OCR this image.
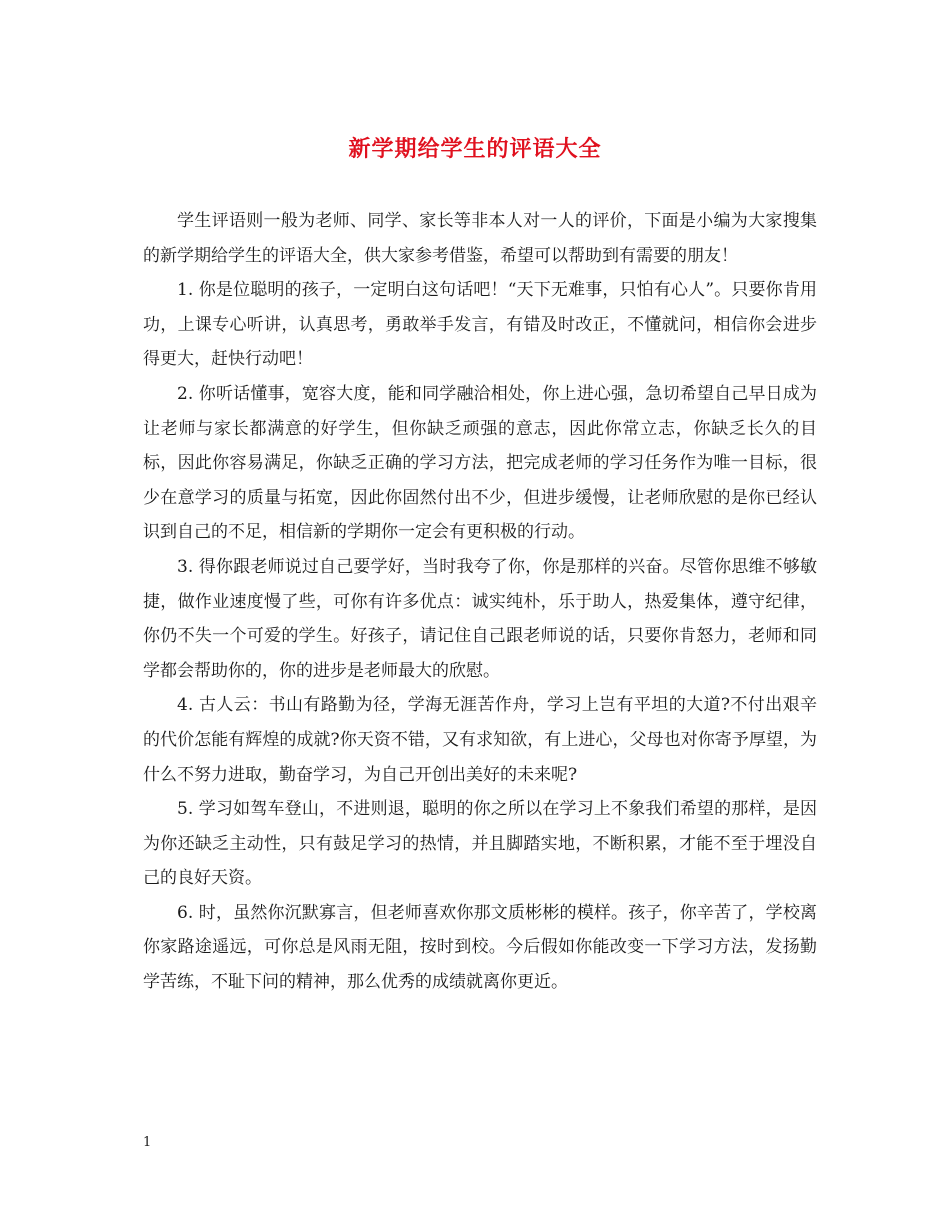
新学期给学生的评语大全

学生评语则一般为老师、同学、家长等非本人对一人的评价，下面是小编为大家搜集的新学期给学生的评语大全，供大家参考借鉴，希望可以帮助到有需要的朋友！

1. 你是位聪明的孩子，一定明白这句话吧！“天下无难事，只怕有心人”。只要你肯用功，上课专心听讲，认真思考，勇敢举手发言，有错及时改正，不懂就问，相信你会进步得更大，赶快行动吧！

2. 你听话懂事，宽容大度，能和同学融洽相处，你上进心强，急切希望自己早日成为让老师与家长都满意的好学生，但你缺乏顽强的意志，因此你常立志，你缺乏长久的目标，因此你容易满足，你缺乏正确的学习方法，把完成老师的学习任务作为唯一目标，很少在意学习的质量与拓宽，因此你固然付出不少，但进步缓慢，让老师欣慰的是你已经认识到自己的不足，相信新的学期你一定会有更积极的行动。

3. 得你跟老师说过自己要学好，当时我夸了你，你是那样的兴奋。尽管你思维不够敏捷，做作业速度慢了些，可你有许多优点：诚实纯朴，乐于助人，热爱集体，遵守纪律，你仍不失一个可爱的学生。好孩子，请记住自己跟老师说的话，只要你肯怒力，老师和同学都会帮助你的，你的进步是老师最大的欣慰。

4. 古人云：书山有路勤为径，学海无涯苦作舟，学习上岂有平坦的大道?不付出艰辛的代价怎能有辉煌的成就?你天资不错，又有求知欲，有上进心，父母也对你寄予厚望，为什么不努力进取，勤奋学习，为自己开创出美好的未来呢?

5. 学习如驾车登山，不进则退，聪明的你之所以在学习上不象我们希望的那样，是因为你还缺乏主动性，只有鼓足学习的热情，并且脚踏实地，不断积累，才能不至于埋没自己的良好天资。

6. 时，虽然你沉默寡言，但老师喜欢你那文质彬彬的模样。孩子，你辛苦了，学校离你家路途遥远，可你总是风雨无阻，按时到校。今后假如你能改变一下学习方法，发扬勤学苦练，不耻下问的精神，那么优秀的成绩就离你更近。

1
